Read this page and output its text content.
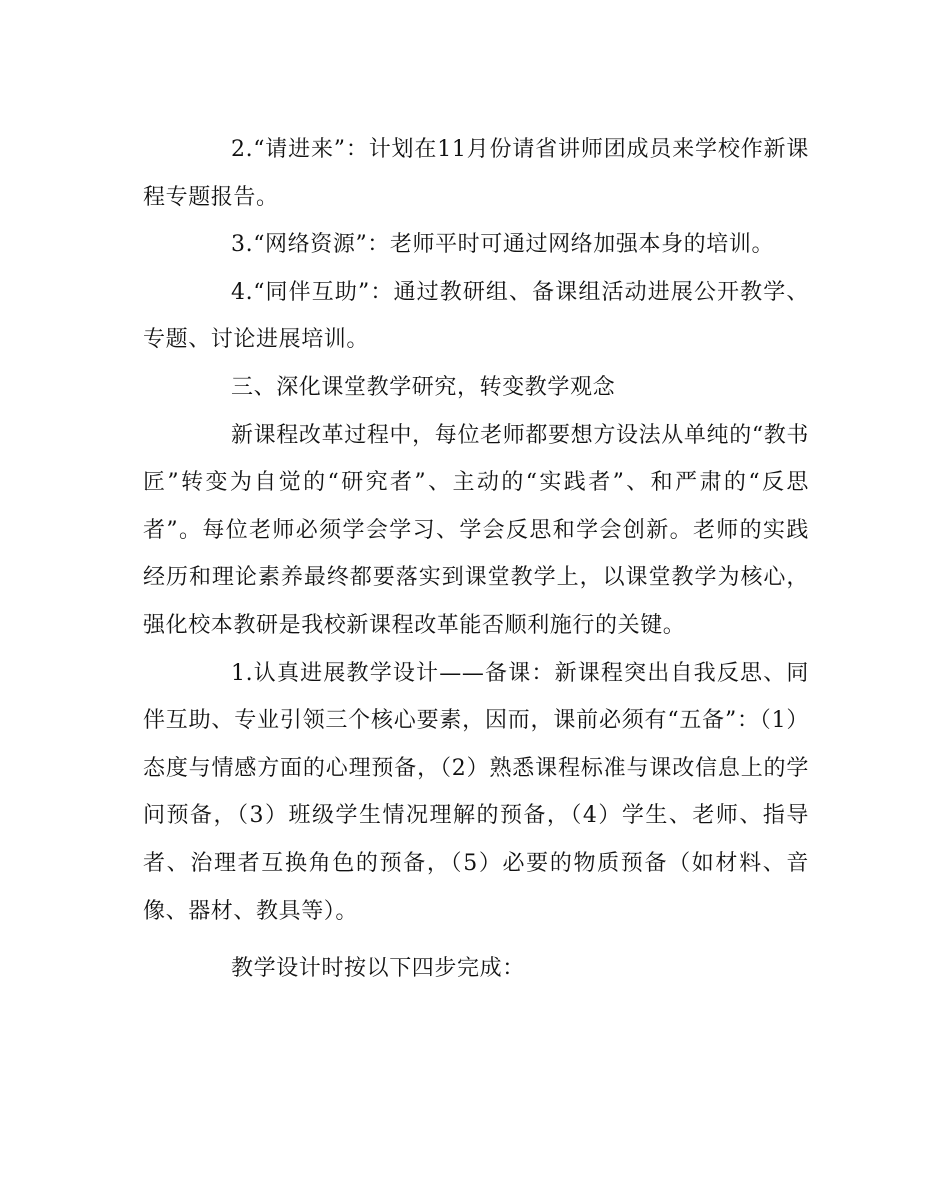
2.“请进来”：计划在11月份请省讲师团成员来学校作新课程专题报告。

3.“网络资源”：老师平时可通过网络加强本身的培训。

4.“同伴互助”：通过教研组、备课组活动进展公开教学、专题、讨论进展培训。

三、深化课堂教学研究，转变教学观念

新课程改革过程中，每位老师都要想方设法从单纯的“教书匠”转变为自觉的“研究者”、主动的“实践者”、和严肃的“反思者”。每位老师必须学会学习、学会反思和学会创新。老师的实践经历和理论素养最终都要落实到课堂教学上，以课堂教学为核心，强化校本教研是我校新课程改革能否顺利施行的关键。

1.认真进展教学设计——备课：新课程突出自我反思、同伴互助、专业引领三个核心要素，因而，课前必须有“五备”：（1）态度与情感方面的心理预备，（2）熟悉课程标准与课改信息上的学问预备，（3）班级学生情况理解的预备，（4）学生、老师、指导者、治理者互换角色的预备，（5）必要的物质预备（如材料、音像、器材、教具等）。

教学设计时按以下四步完成：
